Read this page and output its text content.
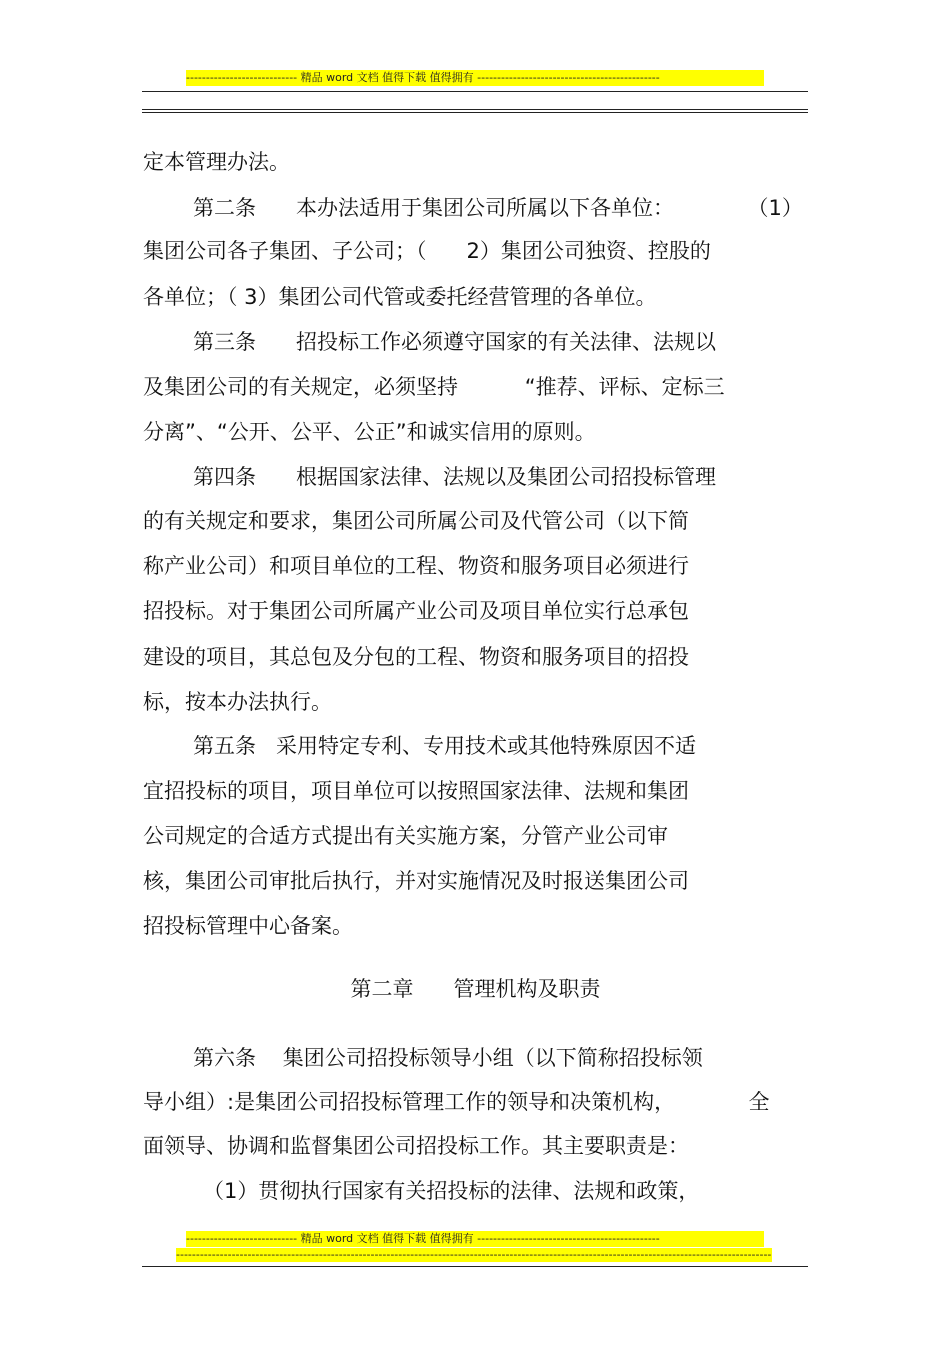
---------------------------- 精品 word 文档 值得下载 值得拥有 ----------------------------------------------
定本管理办法。
第二条      本办法适用于集团公司所属以下各单位：           （1）
集团公司各子集团、子公司；（      2）集团公司独资、控股的
各单位；（ 3）集团公司代管或委托经营管理的各单位。
第三条      招投标工作必须遵守国家的有关法律、法规以
及集团公司的有关规定，必须坚持          “推荐、评标、定标三
分离”、“公开、公平、公正”和诚实信用的原则。
第四条      根据国家法律、法规以及集团公司招投标管理
的有关规定和要求，集团公司所属公司及代管公司（以下简
称产业公司）和项目单位的工程、物资和服务项目必须进行
招投标。对于集团公司所属产业公司及项目单位实行总承包
建设的项目，其总包及分包的工程、物资和服务项目的招投
标，按本办法执行。
第五条   采用特定专利、专用技术或其他特殊原因不适
宜招投标的项目，项目单位可以按照国家法律、法规和集团
公司规定的合适方式提出有关实施方案，分管产业公司审
核，集团公司审批后执行，并对实施情况及时报送集团公司
招投标管理中心备案。
第二章      管理机构及职责
第六条    集团公司招投标领导小组（以下简称招投标领
导小组）:是集团公司招投标管理工作的领导和决策机构，           全
面领导、协调和监督集团公司招投标工作。其主要职责是：
（1）贯彻执行国家有关招投标的法律、法规和政策，
---------------------------- 精品 word 文档 值得下载 值得拥有 ----------------------------------------------
------------------------------------------------------------------------------------------------------------------------------------------------------
